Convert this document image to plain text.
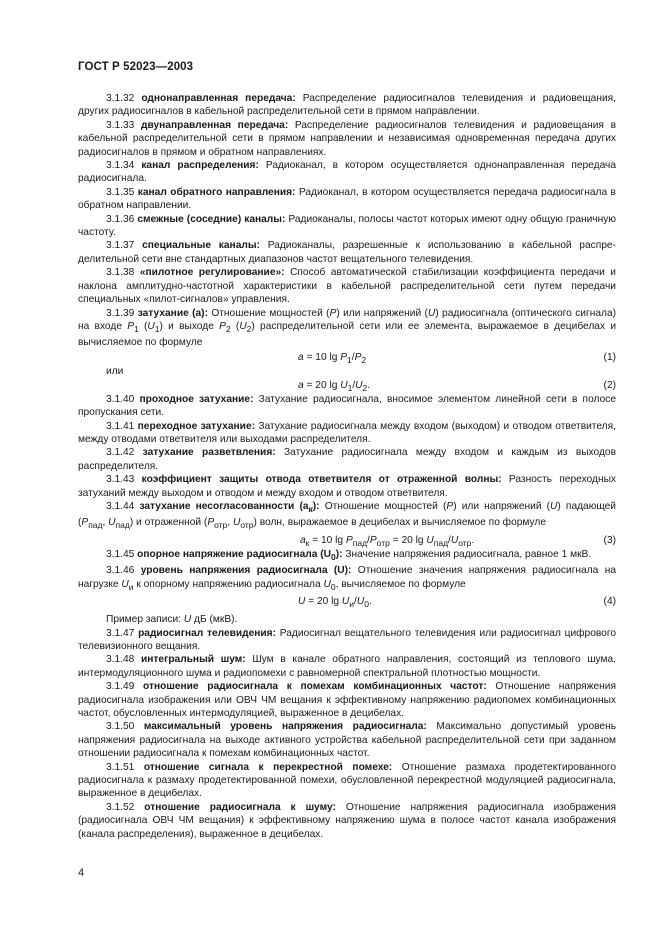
ГОСТ Р 52023—2003

3.1.32 однонаправленная передача: Распределение радиосигналов телевидения и радиовещания, других радиосигналов в кабельной распределительной сети в прямом направлении.

3.1.33 двунаправленная передача: Распределение радиосигналов телевидения и радиовещания в кабельной распределительной сети в прямом направлении и независимая одновременная передача других радиосигналов в прямом и обратном направлениях.

3.1.34 канал распределения: Радиоканал, в котором осуществляется однонаправленная передача радиосигнала.

3.1.35 канал обратного направления: Радиоканал, в котором осуществляется передача радиосигнала в обратном направлении.

3.1.36 смежные (соседние) каналы: Радиоканалы, полосы частот которых имеют одну общую граничную частоту.

3.1.37 специальные каналы: Радиоканалы, разрешенные к использованию в кабельной распределительной сети вне стандартных диапазонов частот вещательного телевидения.

3.1.38 «пилотное регулирование»: Способ автоматической стабилизации коэффициента передачи и наклона амплитудно-частотной характеристики в кабельной распределительной сети путем передачи специальных «пилот-сигналов» управления.

3.1.39 затухание (a): Отношение мощностей (P) или напряжений (U) радиосигнала (оптического сигнала) на входе $P_1$ $(U_1)$ и выходе $P_2$ $(U_2)$ распределительной сети или ее элемента, выражаемое в децибелах и вычисляемое по формуле

a = 10 $\lg P_1/P_2$	(1)
или
a = 20 $\lg U_1/U_2$.	(2)

3.1.40 проходное затухание: Затухание радиосигнала, вносимое элементом линейной сети в полосе пропускания сети.

3.1.41 переходное затухание: Затухание радиосигнала между входом (выходом) и отводом ответвителя, между отводами ответвителя или выходами распределителя.

3.1.42 затухание разветвления: Затухание радиосигнала между входом и каждым из выходов распределителя.

3.1.43 коэффициент защиты отвода ответвителя от отраженной волны: Разность переходных затуханий между выходом и отводом и между входом и отводом ответвителя.

3.1.44 затухание несогласованности $(a_к)$: Отношение мощностей (P) или напряжений (U) падающей ($P_{пад}$, $U_{пад}$) и отраженной ($P_{отр}$, $U_{отр}$) волн, выражаемое в децибелах и вычисляемое по формуле

$a_к = 10$ $\lg P_{пад}/P_{отр} = 20$ $\lg U_{пад}/U_{отр}$.	(3)

3.1.45 опорное напряжение радиосигнала $(U_0)$: Значение напряжения радиосигнала, равное 1 мкВ.

3.1.46 уровень напряжения радиосигнала (U): Отношение значения напряжения радиосигнала на нагрузке $U_и$ к опорному напряжению радиосигнала $U_0$, вычисляемое по формуле

U = 20 $\lg U_и/U_0$.	(4)

Пример записи: U дБ (мкВ).

3.1.47 радиосигнал телевидения: Радиосигнал вещательного телевидения или радиосигнал цифрового телевизионного вещания.

3.1.48 интегральный шум: Шум в канале обратного направления, состоящий из теплового шума, интермодуляционного шума и радиопомехи с равномерной спектральной плотностью мощности.

3.1.49 отношение радиосигнала к помехам комбинационных частот: Отношение напряжения радиосигнала изображения или ОВЧ ЧМ вещания к эффективному напряжению радиопомех комбинационных частот, обусловленных интермодуляцией, выраженное в децибелах.

3.1.50 максимальный уровень напряжения радиосигнала: Максимально допустимый уровень напряжения радиосигнала на выходе активного устройства кабельной распределительной сети при заданном отношении радиосигнала к помехам комбинационных частот.

3.1.51 отношение сигнала к перекрестной помехе: Отношение размаха продетектированного радиосигнала к размаху продетектированной помехи, обусловленной перекрестной модуляцией радиосигнала, выраженное в децибелах.

3.1.52 отношение радиосигнала к шуму: Отношение напряжения радиосигнала изображения (радиосигнала ОВЧ ЧМ вещания) к эффективному напряжению шума в полосе частот канала изображения (канала распределения), выраженное в децибелах.

4
